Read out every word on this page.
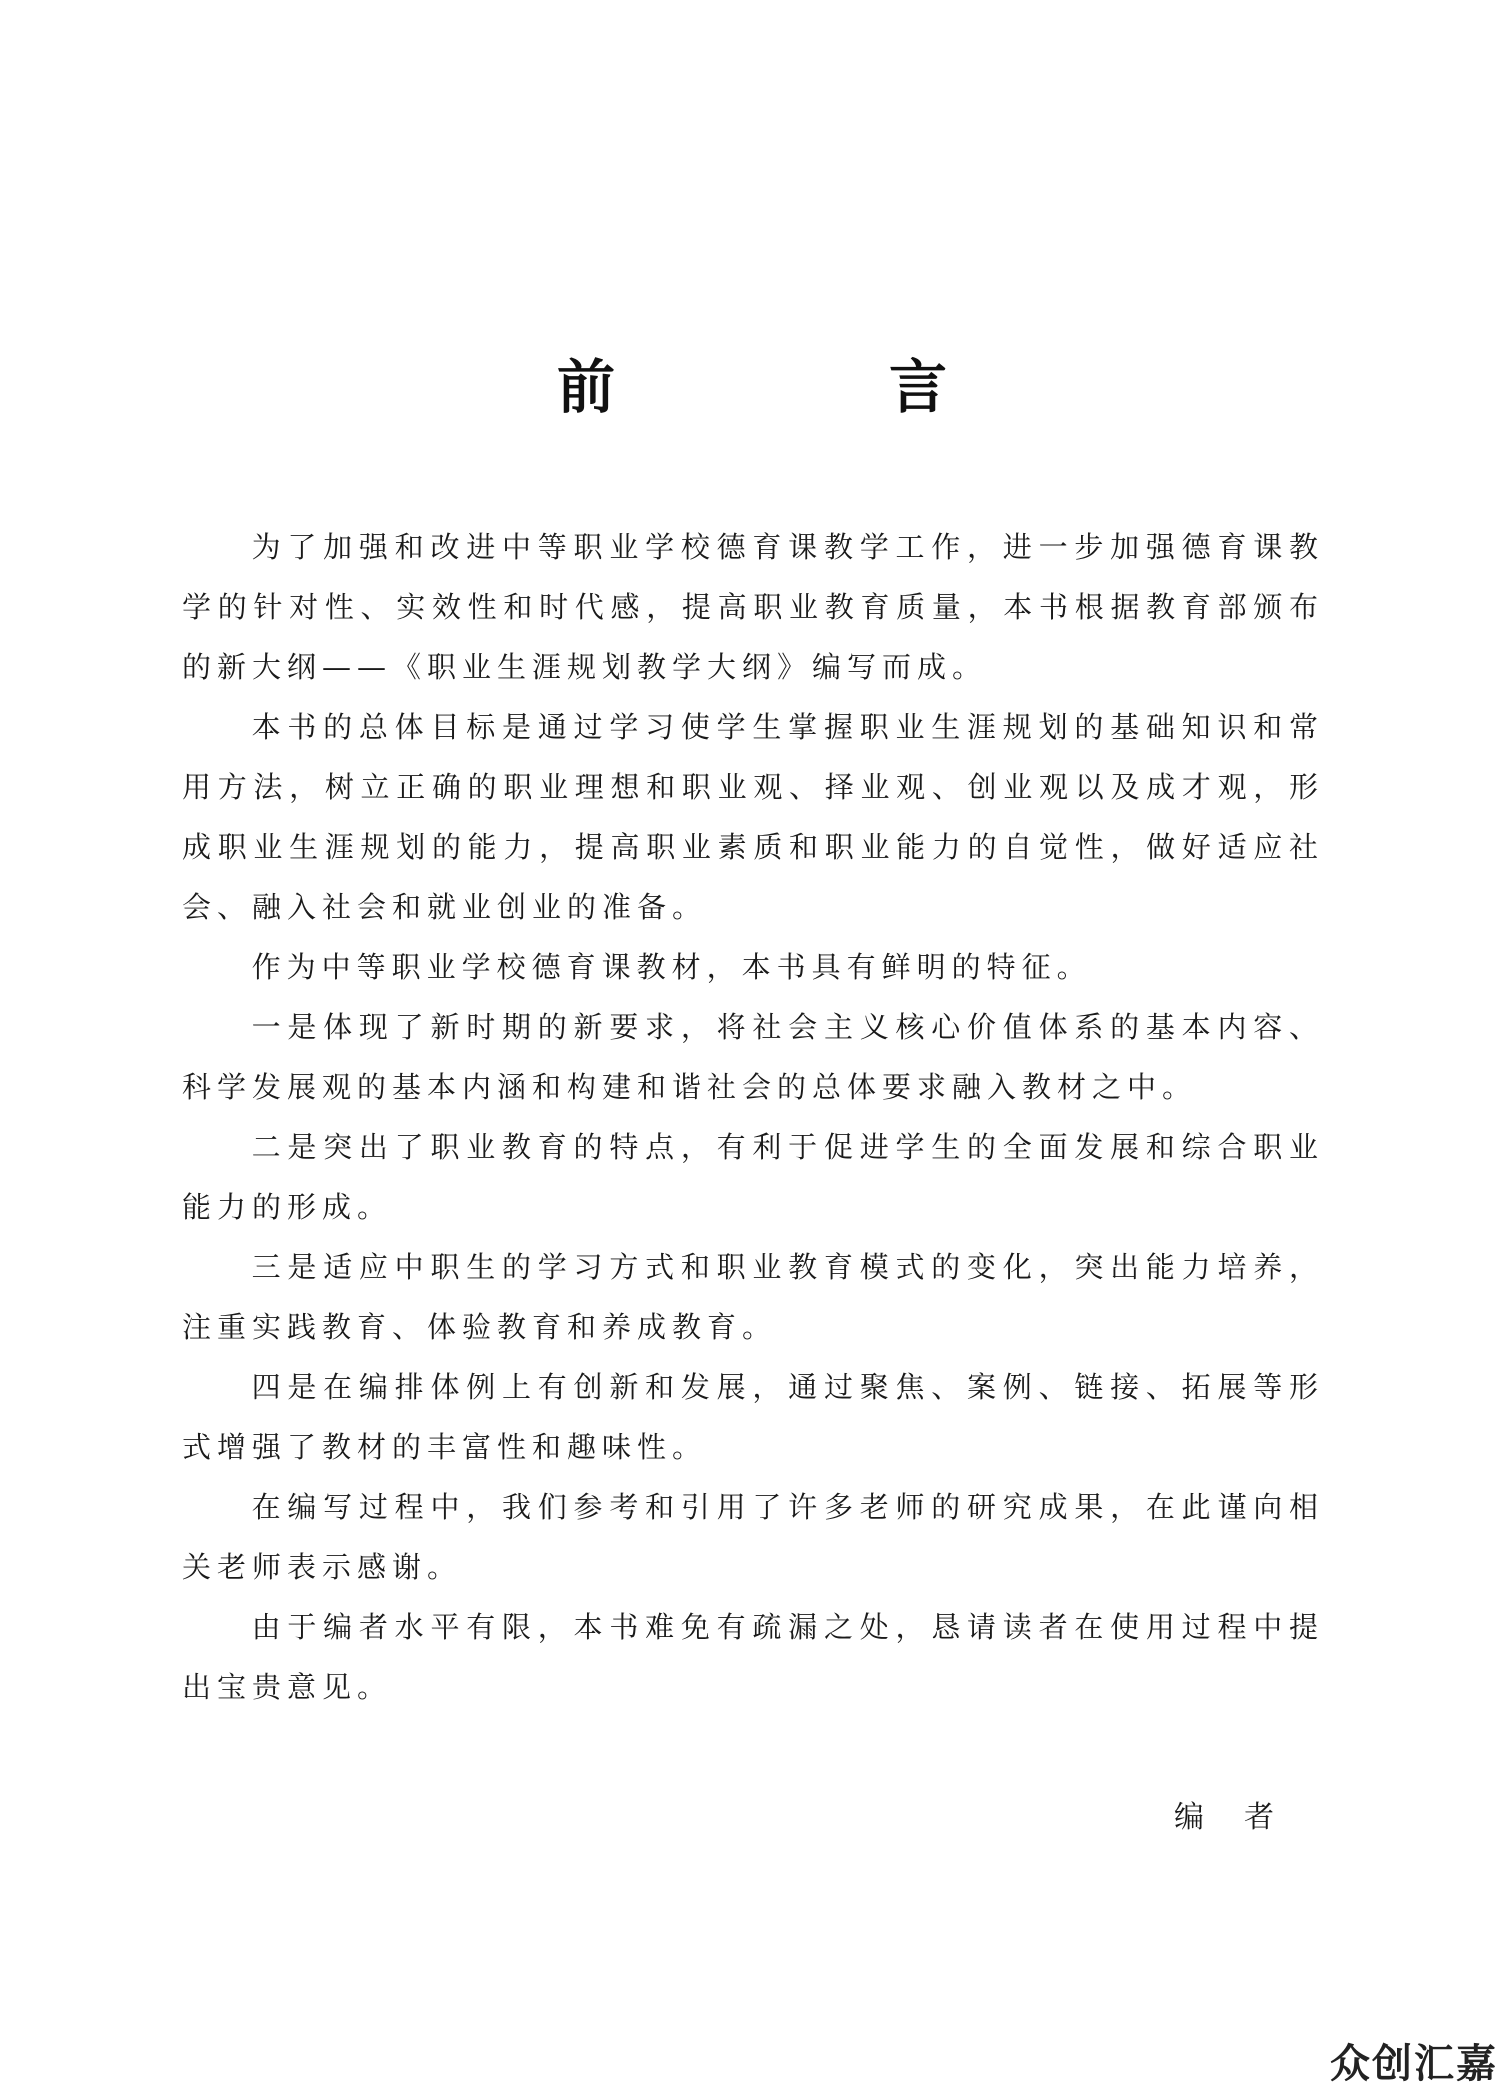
前　言

为了加强和改进中等职业学校德育课教学工作，进一步加强德育课教学的针对性、实效性和时代感，提高职业教育质量，本书根据教育部颁布的新大纲——《职业生涯规划教学大纲》编写而成。

本书的总体目标是通过学习使学生掌握职业生涯规划的基础知识和常用方法，树立正确的职业理想和职业观、择业观、创业观以及成才观，形成职业生涯规划的能力，提高职业素质和职业能力的自觉性，做好适应社会、融入社会和就业创业的准备。

作为中等职业学校德育课教材，本书具有鲜明的特征。

一是体现了新时期的新要求，将社会主义核心价值体系的基本内容、科学发展观的基本内涵和构建和谐社会的总体要求融入教材之中。

二是突出了职业教育的特点，有利于促进学生的全面发展和综合职业能力的形成。

三是适应中职生的学习方式和职业教育模式的变化，突出能力培养，注重实践教育、体验教育和养成教育。

四是在编排体例上有创新和发展，通过聚焦、案例、链接、拓展等形式增强了教材的丰富性和趣味性。

在编写过程中，我们参考和引用了许多老师的研究成果，在此谨向相关老师表示感谢。

由于编者水平有限，本书难免有疏漏之处，恳请读者在使用过程中提出宝贵意见。

编者
众创汇嘉
